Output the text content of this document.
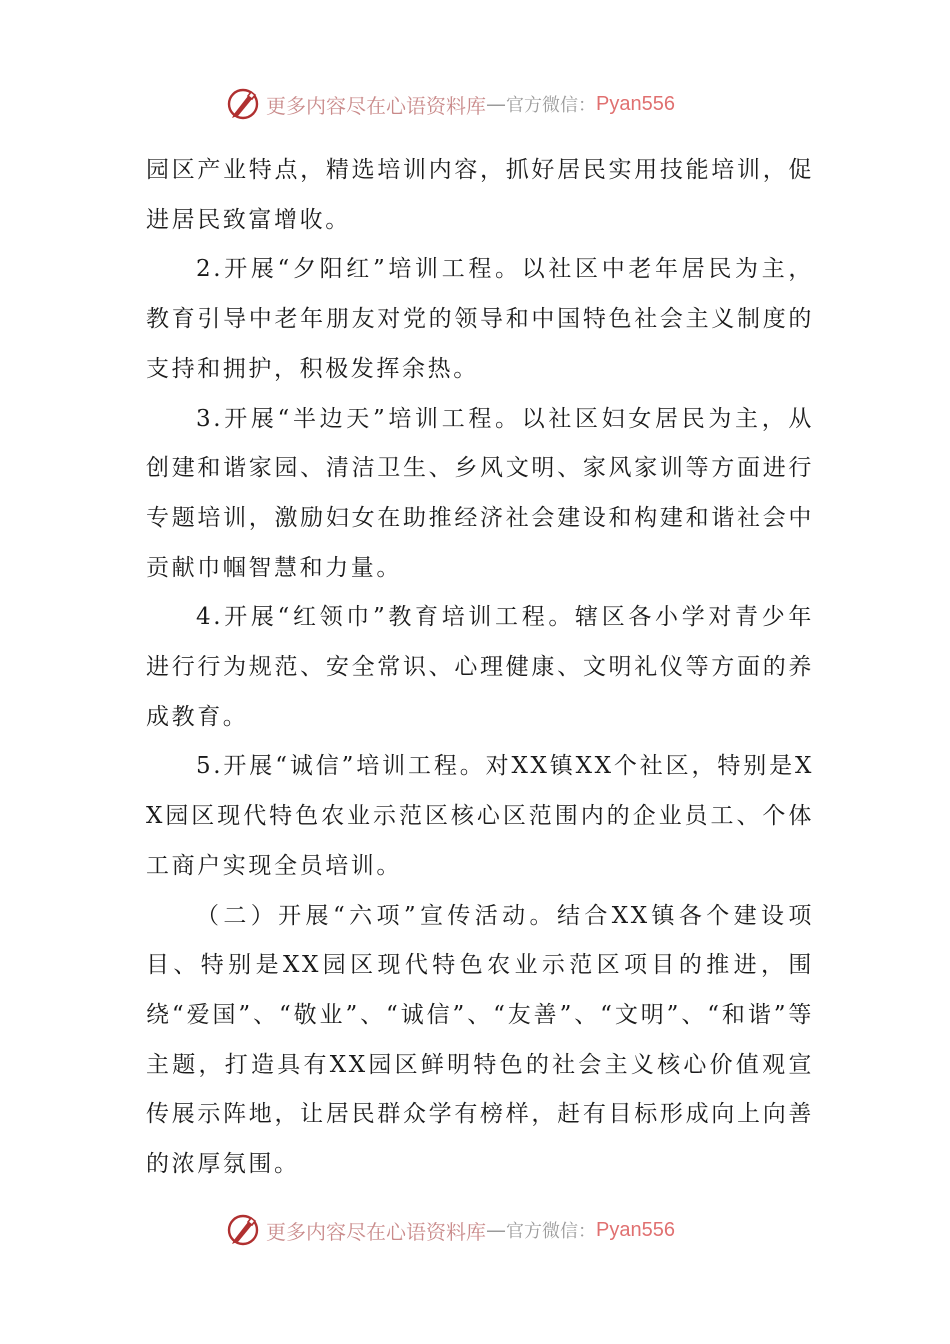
更多内容尽在心语资料库 — 官方微信： Pyan556

园区产业特点，精选培训内容，抓好居民实用技能培训，促进居民致富增收。

2.开展“夕阳红”培训工程。以社区中老年居民为主，教育引导中老年朋友对党的领导和中国特色社会主义制度的支持和拥护，积极发挥余热。

3.开展“半边天”培训工程。以社区妇女居民为主，从创建和谐家园、清洁卫生、乡风文明、家风家训等方面进行专题培训，激励妇女在助推经济社会建设和构建和谐社会中贡献巾帼智慧和力量。

4.开展“红领巾”教育培训工程。辖区各小学对青少年进行行为规范、安全常识、心理健康、文明礼仪等方面的养成教育。

5.开展“诚信”培训工程。对XX镇XX个社区，特别是XX园区现代特色农业示范区核心区范围内的企业员工、个体工商户实现全员培训。

（二）开展“六项”宣传活动。结合XX镇各个建设项目、特别是XX园区现代特色农业示范区项目的推进，围绕“爱国”、“敬业”、“诚信”、“友善”、“文明”、“和谐”等主题，打造具有XX园区鲜明特色的社会主义核心价值观宣传展示阵地，让居民群众学有榜样，赶有目标形成向上向善的浓厚氛围。

更多内容尽在心语资料库 — 官方微信： Pyan556
